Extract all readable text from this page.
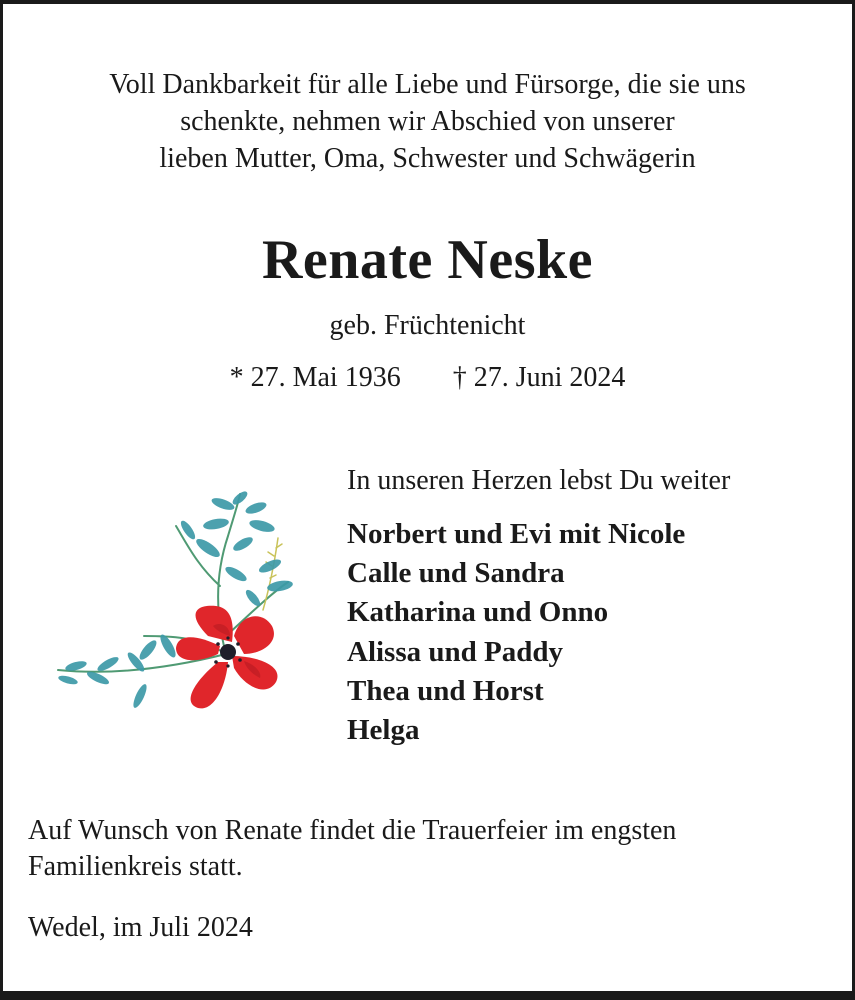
Voll Dankbarkeit für alle Liebe und Fürsorge, die sie uns
schenkte, nehmen wir Abschied von unserer
lieben Mutter, Oma, Schwester und Schwägerin
Renate Neske
geb. Früchtenicht
* 27. Mai 1936 † 27. Juni 2024
In unseren Herzen lebst Du weiter
Norbert und Evi mit Nicole
Calle und Sandra
Katharina und Onno
Alissa und Paddy
Thea und Horst
Helga
Auf Wunsch von Renate findet die Trauerfeier im engsten
Familienkreis statt.
Wedel, im Juli 2024
